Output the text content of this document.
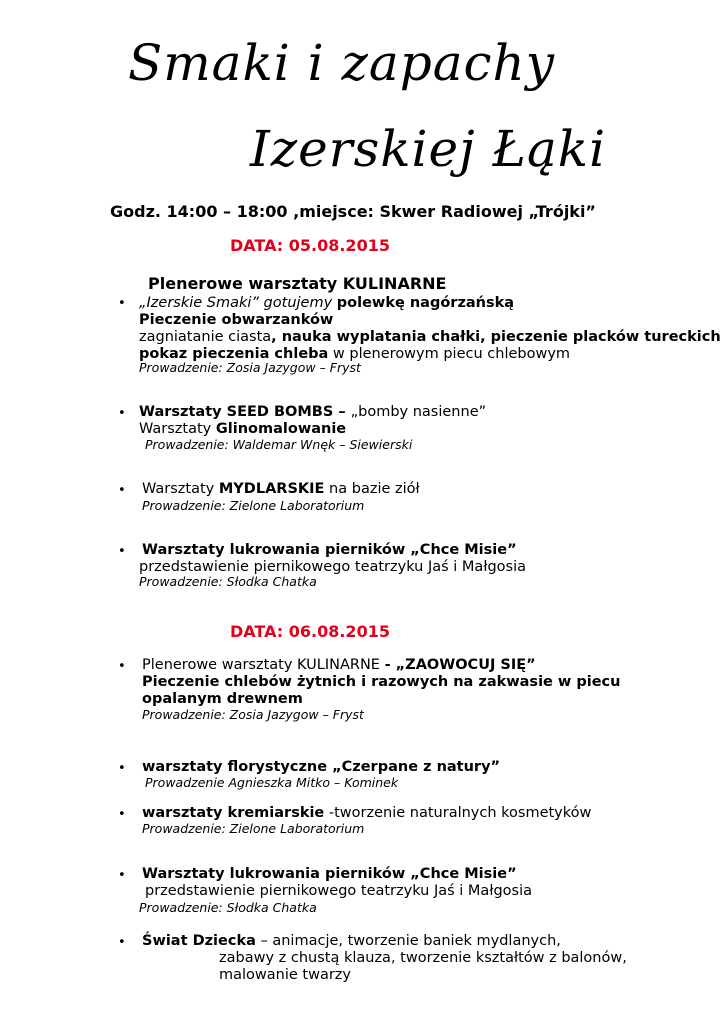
Smaki i zapachy
Izerskiej Łąki
Godz. 14:00 – 18:00 ,miejsce: Skwer Radiowej „Trójki”
DATA: 05.08.2015
Plenerowe warsztaty KULINARNE
• „Izerskie Smaki” gotujemy polewkę nagórzańską
Pieczenie obwarzanków
zagniatanie ciasta, nauka wyplatania chałki, pieczenie placków tureckich
pokaz pieczenia chleba w plenerowym piecu chlebowym
Prowadzenie: Zosia Jazygow – Fryst
• Warsztaty SEED BOMBS – „bomby nasienne”
Warsztaty Glinomalowanie
Prowadzenie: Waldemar Wnęk – Siewierski
• Warsztaty MYDLARSKIE na bazie ziół
Prowadzenie: Zielone Laboratorium
• Warsztaty lukrowania pierników „Chce Misie”
przedstawienie piernikowego teatrzyku Jaś i Małgosia
Prowadzenie: Słodka Chatka
DATA: 06.08.2015
• Plenerowe warsztaty KULINARNE - „ZAOWOCUJ SIĘ”
Pieczenie chlebów żytnich i razowych na zakwasie w piecu
opalanym drewnem
Prowadzenie: Zosia Jazygow – Fryst
• warsztaty florystyczne „Czerpane z natury”
Prowadzenie Agnieszka Mitko – Kominek
• warsztaty kremiarskie -tworzenie naturalnych kosmetyków
Prowadzenie: Zielone Laboratorium
• Warsztaty lukrowania pierników „Chce Misie”
przedstawienie piernikowego teatrzyku Jaś i Małgosia
Prowadzenie: Słodka Chatka
• Świat Dziecka – animacje, tworzenie baniek mydlanych,
zabawy z chustą klauza, tworzenie kształtów z balonów,
malowanie twarzy
